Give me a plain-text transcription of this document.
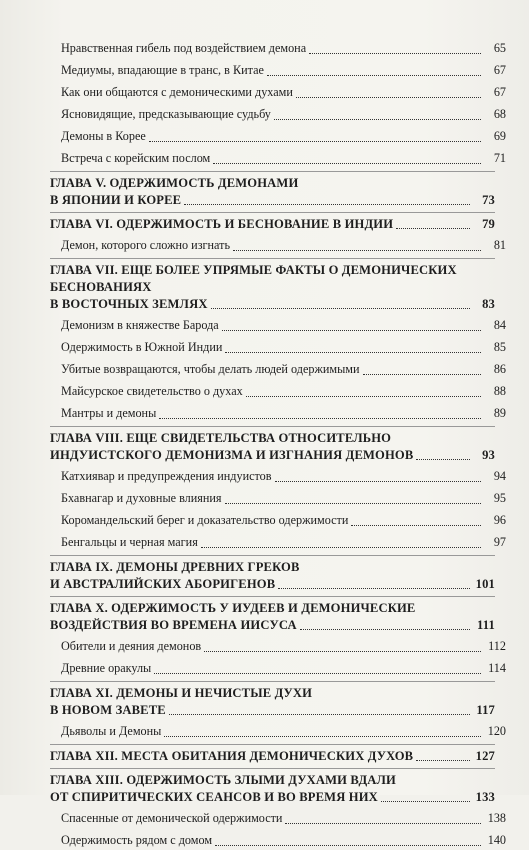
Нравственная гибель под воздействием демона	65
Медиумы, впадающие в транс, в Китае	67
Как они общаются с демоническими духами	67
Ясновидящие, предсказывающие судьбу	68
Демоны в Корее	69
Встреча с корейским послом	71
ГЛАВА V. ОДЕРЖИМОСТЬ ДЕМОНАМИ
В ЯПОНИИ И КОРЕЕ	73
ГЛАВА VI. ОДЕРЖИМОСТЬ И БЕСНОВАНИЕ В ИНДИИ	79
Демон, которого сложно изгнать	81
ГЛАВА VII. ЕЩЕ БОЛЕЕ УПРЯМЫЕ ФАКТЫ О ДЕМОНИЧЕСКИХ
БЕСНОВАНИЯХ
В ВОСТОЧНЫХ ЗЕМЛЯХ	83
Демонизм в княжестве Барода	84
Одержимость в Южной Индии	85
Убитые возвращаются, чтобы делать людей одержимыми	86
Майсурское свидетельство о духах	88
Мантры и демоны	89
ГЛАВА VIII. ЕЩЕ СВИДЕТЕЛЬСТВА ОТНОСИТЕЛЬНО
ИНДУИСТСКОГО ДЕМОНИЗМА И ИЗГНАНИЯ ДЕМОНОВ	93
Катхиявар и предупреждения индуистов	94
Бхавнагар и духовные влияния	95
Коромандельский берег и доказательство одержимости	96
Бенгальцы и черная магия	97
ГЛАВА IX. ДЕМОНЫ ДРЕВНИХ ГРЕКОВ
И АВСТРАЛИЙСКИХ АБОРИГЕНОВ	101
ГЛАВА X. ОДЕРЖИМОСТЬ У ИУДЕЕВ И ДЕМОНИЧЕСКИЕ
ВОЗДЕЙСТВИЯ ВО ВРЕМЕНА ИИСУСА	111
Обители и деяния демонов	112
Древние оракулы	114
ГЛАВА XI. ДЕМОНЫ И НЕЧИСТЫЕ ДУХИ
В НОВОМ ЗАВЕТЕ	117
Дьяволы и Демоны	120
ГЛАВА XII. МЕСТА ОБИТАНИЯ ДЕМОНИЧЕСКИХ ДУХОВ	127
ГЛАВА XIII. ОДЕРЖИМОСТЬ ЗЛЫМИ ДУХАМИ ВДАЛИ
ОТ СПИРИТИЧЕСКИХ СЕАНСОВ И ВО ВРЕМЯ НИХ	133
Спасенные от демонической одержимости	138
Одержимость рядом с домом	140
